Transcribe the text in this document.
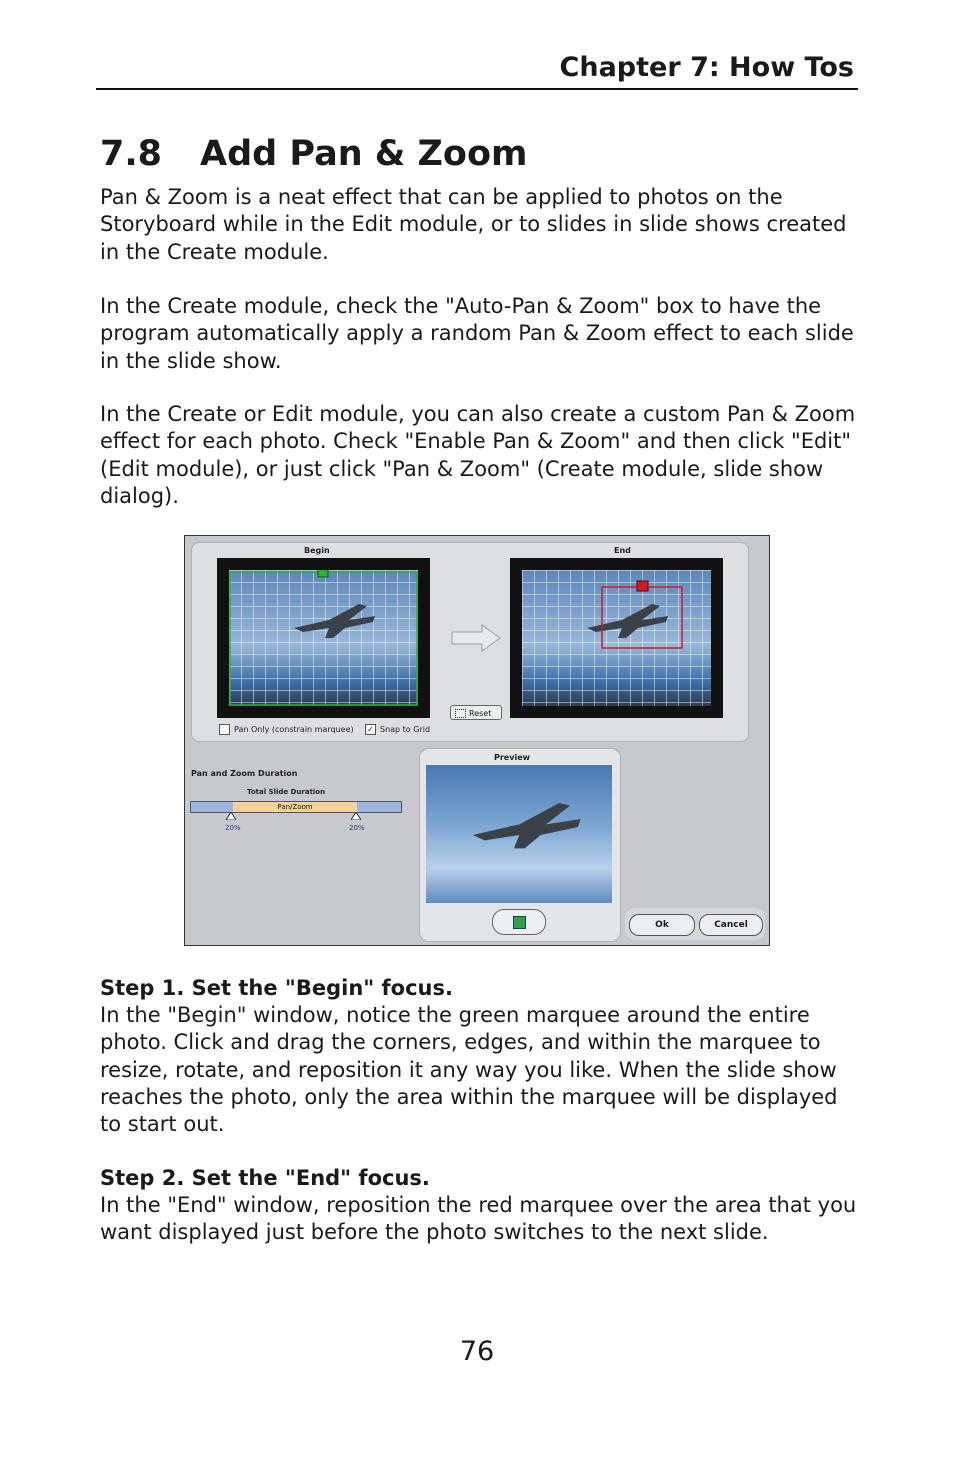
Chapter 7: How Tos
7.8 Add Pan & Zoom

Pan & Zoom is a neat effect that can be applied to photos on the Storyboard while in the Edit module, or to slides in slide shows created in the Create module.

In the Create module, check the "Auto-Pan & Zoom" box to have the program automatically apply a random Pan & Zoom effect to each slide in the slide show.

In the Create or Edit module, you can also create a custom Pan & Zoom effect for each photo. Check "Enable Pan & Zoom" and then click "Edit" (Edit module), or just click "Pan & Zoom" (Create module, slide show dialog).

Begin	End
Reset
Pan Only (constrain marquee) ✓ Snap to Grid
Pan and Zoom Duration
Total Slide Duration
Pan/Zoom
20%	20%
Preview
Ok	Cancel

Step 1. Set the "Begin" focus.

In the "Begin" window, notice the green marquee around the entire photo. Click and drag the corners, edges, and within the marquee to resize, rotate, and reposition it any way you like. When the slide show reaches the photo, only the area within the marquee will be displayed to start out.

Step 2. Set the "End" focus.

In the "End" window, reposition the red marquee over the area that you want displayed just before the photo switches to the next slide.

76
